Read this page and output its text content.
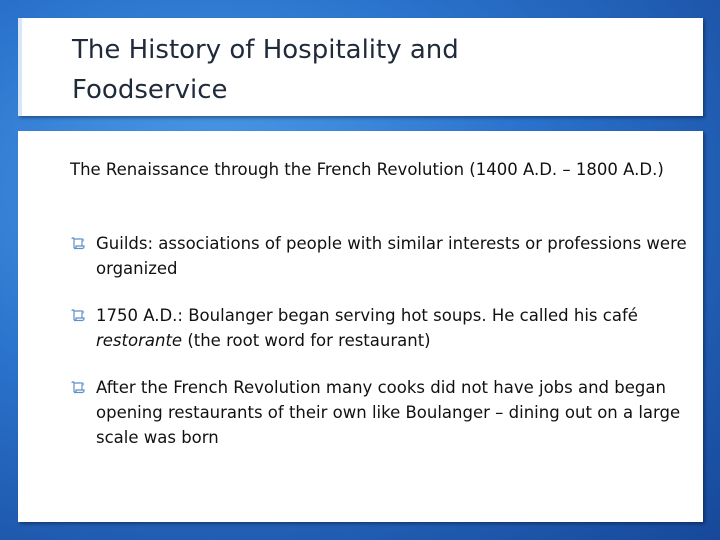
The History of Hospitality and Foodservice

The Renaissance through the French Revolution (1400 A.D. – 1800 A.D.)

Guilds: associations of people with similar interests or professions were organized
1750 A.D.: Boulanger began serving hot soups. He called his café restorante (the root word for restaurant)
After the French Revolution many cooks did not have jobs and began opening restaurants of their own like Boulanger – dining out on a large scale was born
